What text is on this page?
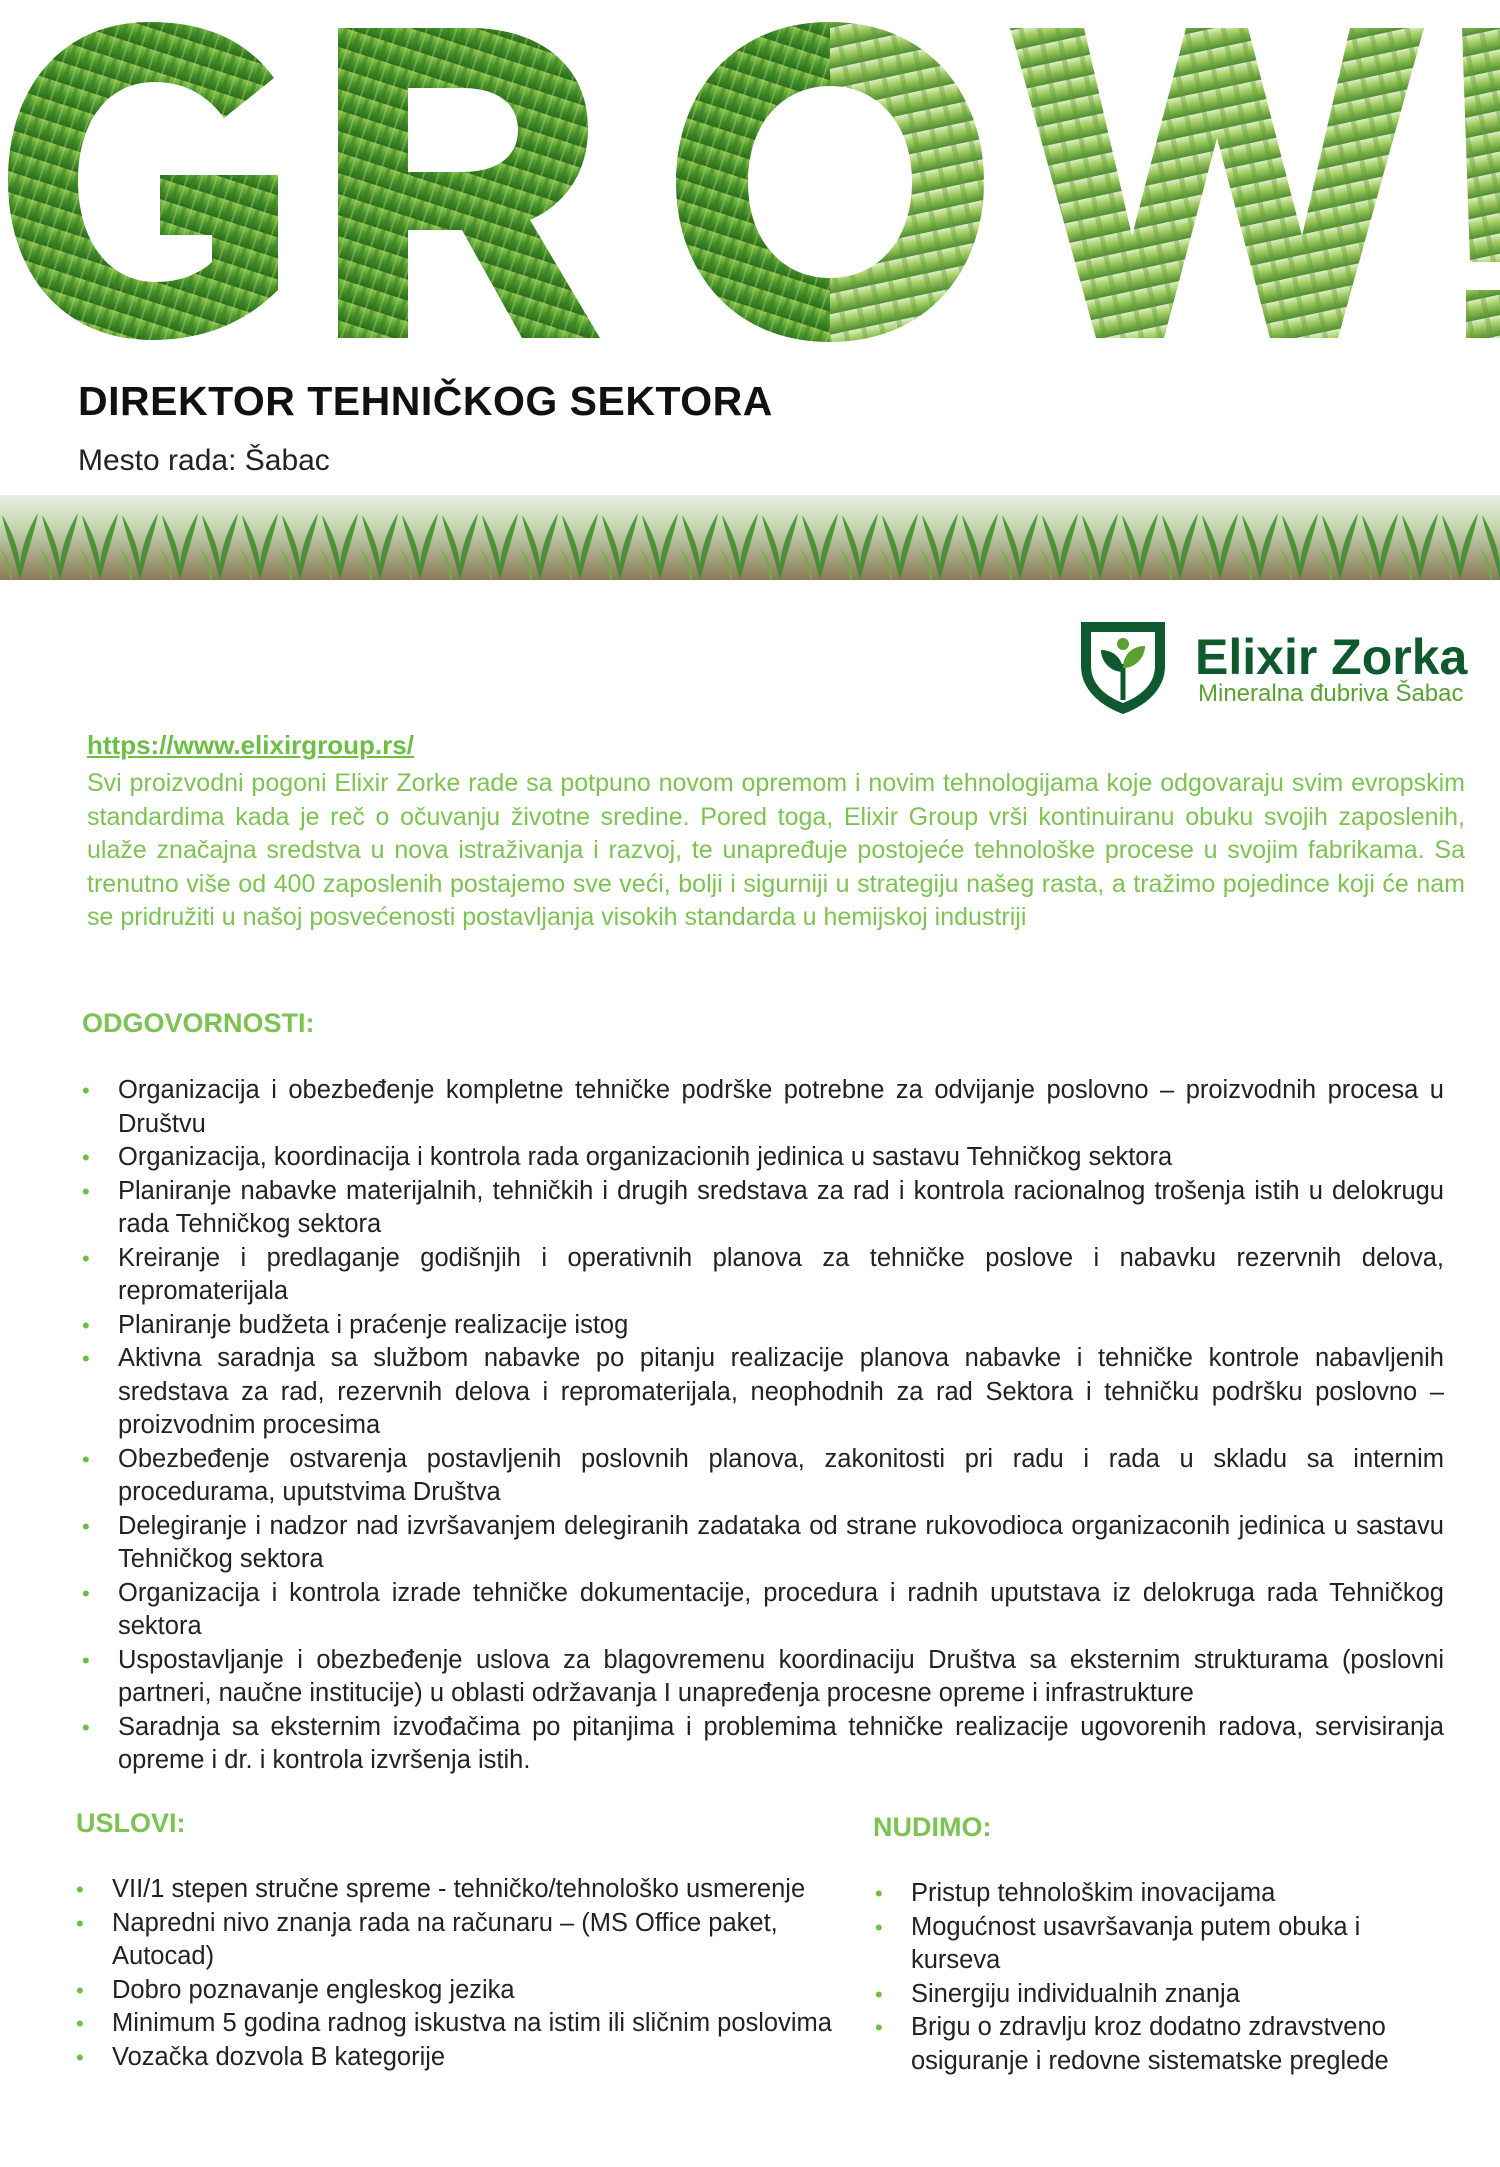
DIREKTOR TEHNIČKOG SEKTORA
Mesto rada: Šabac
Elixir Zorka
Mineralna đubriva Šabac
https://www.elixirgroup.rs/

Svi proizvodni pogoni Elixir Zorke rade sa potpuno novom opremom i novim tehnologijama koje odgovaraju svim evropskim standardima kada je reč o očuvanju životne sredine. Pored toga, Elixir Group vrši kontinuiranu obuku svojih zaposlenih, ulaže značajna sredstva u nova istraživanja i razvoj, te unapređuje postojeće tehnološke procese u svojim fabrikama. Sa trenutno više od 400 zaposlenih postajemo sve veći, bolji i sigurniji u strategiju našeg rasta, a tražimo pojedince koji će nam se pridružiti u našoj posvećenosti postavljanja visokih standarda u hemijskoj industriji

ODGOVORNOSTI:
• Organizacija i obezbeđenje kompletne tehničke podrške potrebne za odvijanje poslovno – proizvodnih procesa u Društvu
• Organizacija, koordinacija i kontrola rada organizacionih jedinica u sastavu Tehničkog sektora
• Planiranje nabavke materijalnih, tehničkih i drugih sredstava za rad i kontrola racionalnog trošenja istih u delokrugu rada Tehničkog sektora
• Kreiranje i predlaganje godišnjih i operativnih planova za tehničke poslove i nabavku rezervnih delova, repromaterijala
• Planiranje budžeta i praćenje realizacije istog
• Aktivna saradnja sa službom nabavke po pitanju realizacije planova nabavke i tehničke kontrole nabavljenih sredstava za rad, rezervnih delova i repromaterijala, neophodnih za rad Sektora i tehničku podršku poslovno – proizvodnim procesima
• Obezbeđenje ostvarenja postavljenih poslovnih planova, zakonitosti pri radu i rada u skladu sa internim procedurama, uputstvima Društva
• Delegiranje i nadzor nad izvršavanjem delegiranih zadataka od strane rukovodioca organizaconih jedinica u sastavu Tehničkog sektora
• Organizacija i kontrola izrade tehničke dokumentacije, procedura i radnih uputstava iz delokruga rada Tehničkog sektora
• Uspostavljanje i obezbeđenje uslova za blagovremenu koordinaciju Društva sa eksternim strukturama (poslovni partneri, naučne institucije) u oblasti održavanja I unapređenja procesne opreme i infrastrukture
• Saradnja sa eksternim izvođačima po pitanjima i problemima tehničke realizacije ugovorenih radova, servisiranja opreme i dr. i kontrola izvršenja istih.
USLOVI:
• VII/1 stepen stručne spreme - tehničko/tehnološko usmerenje
• Napredni nivo znanja rada na računaru – (MS Office paket, Autocad)
• Dobro poznavanje engleskog jezika
• Minimum 5 godina radnog iskustva na istim ili sličnim poslovima
• Vozačka dozvola B kategorije
NUDIMO:
• Pristup tehnološkim inovacijama
• Mogućnost usavršavanja putem obuka i kurseva
• Sinergiju individualnih znanja
• Brigu o zdravlju kroz dodatno zdravstveno osiguranje i redovne sistematske preglede
